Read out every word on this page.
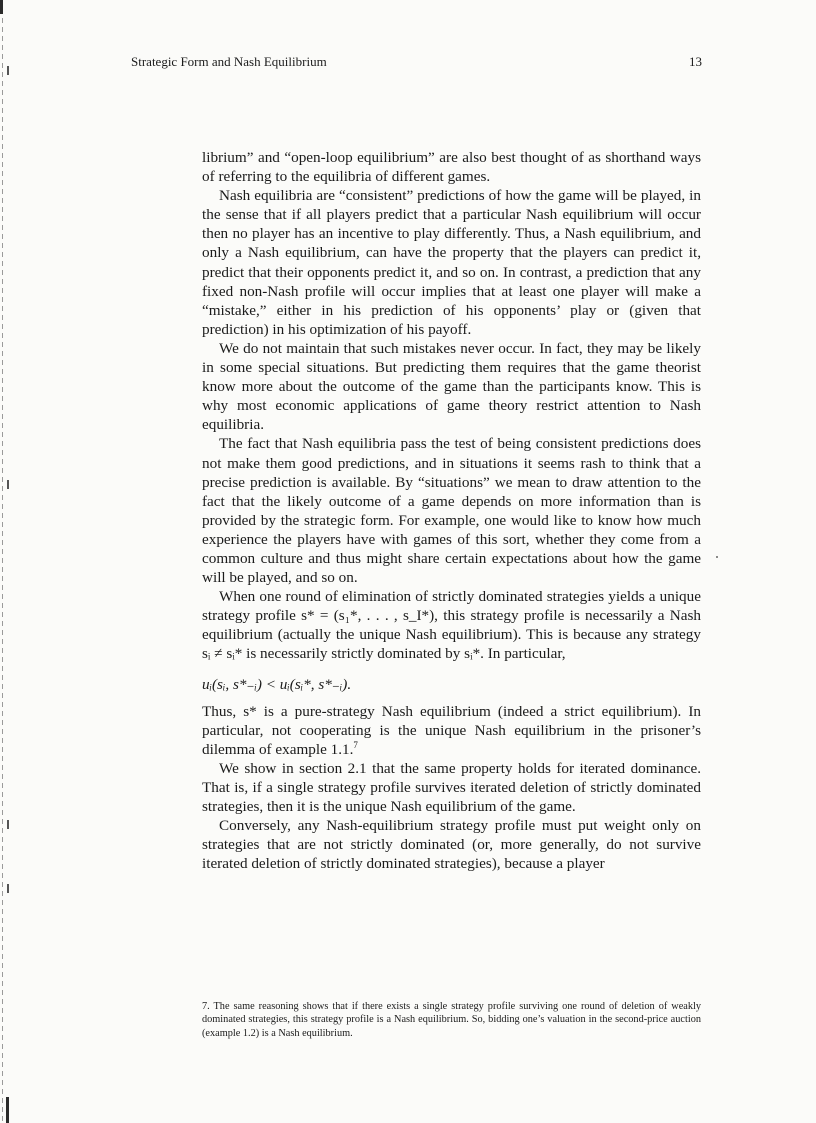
Strategic Form and Nash Equilibrium	13

librium” and “open-loop equilibrium” are also best thought of as shorthand ways of referring to the equilibria of different games.

Nash equilibria are “consistent” predictions of how the game will be played, in the sense that if all players predict that a particular Nash equilibrium will occur then no player has an incentive to play differently. Thus, a Nash equilibrium, and only a Nash equilibrium, can have the property that the players can predict it, predict that their opponents predict it, and so on. In contrast, a prediction that any fixed non-Nash profile will occur implies that at least one player will make a “mistake,” either in his prediction of his opponents’ play or (given that prediction) in his optimization of his payoff.

We do not maintain that such mistakes never occur. In fact, they may be likely in some special situations. But predicting them requires that the game theorist know more about the outcome of the game than the participants know. This is why most economic applications of game theory restrict attention to Nash equilibria.

The fact that Nash equilibria pass the test of being consistent predictions does not make them good predictions, and in situations it seems rash to think that a precise prediction is available. By “situations” we mean to draw attention to the fact that the likely outcome of a game depends on more information than is provided by the strategic form. For example, one would like to know how much experience the players have with games of this sort, whether they come from a common culture and thus might share certain expectations about how the game will be played, and so on.

When one round of elimination of strictly dominated strategies yields a unique strategy profile s* = (s₁*, . . . , s_I*), this strategy profile is necessarily a Nash equilibrium (actually the unique Nash equilibrium). This is because any strategy sᵢ ≠ sᵢ* is necessarily strictly dominated by sᵢ*. In particular,

uᵢ(sᵢ, s*₋ᵢ) < uᵢ(sᵢ*, s*₋ᵢ).

Thus, s* is a pure-strategy Nash equilibrium (indeed a strict equilibrium). In particular, not cooperating is the unique Nash equilibrium in the prisoner’s dilemma of example 1.1.$^7$

We show in section 2.1 that the same property holds for iterated dominance. That is, if a single strategy profile survives iterated deletion of strictly dominated strategies, then it is the unique Nash equilibrium of the game.

Conversely, any Nash-equilibrium strategy profile must put weight only on strategies that are not strictly dominated (or, more generally, do not survive iterated deletion of strictly dominated strategies), because a player

7. The same reasoning shows that if there exists a single strategy profile surviving one round of deletion of weakly dominated strategies, this strategy profile is a Nash equilibrium. So, bidding one’s valuation in the second-price auction (example 1.2) is a Nash equilibrium.
